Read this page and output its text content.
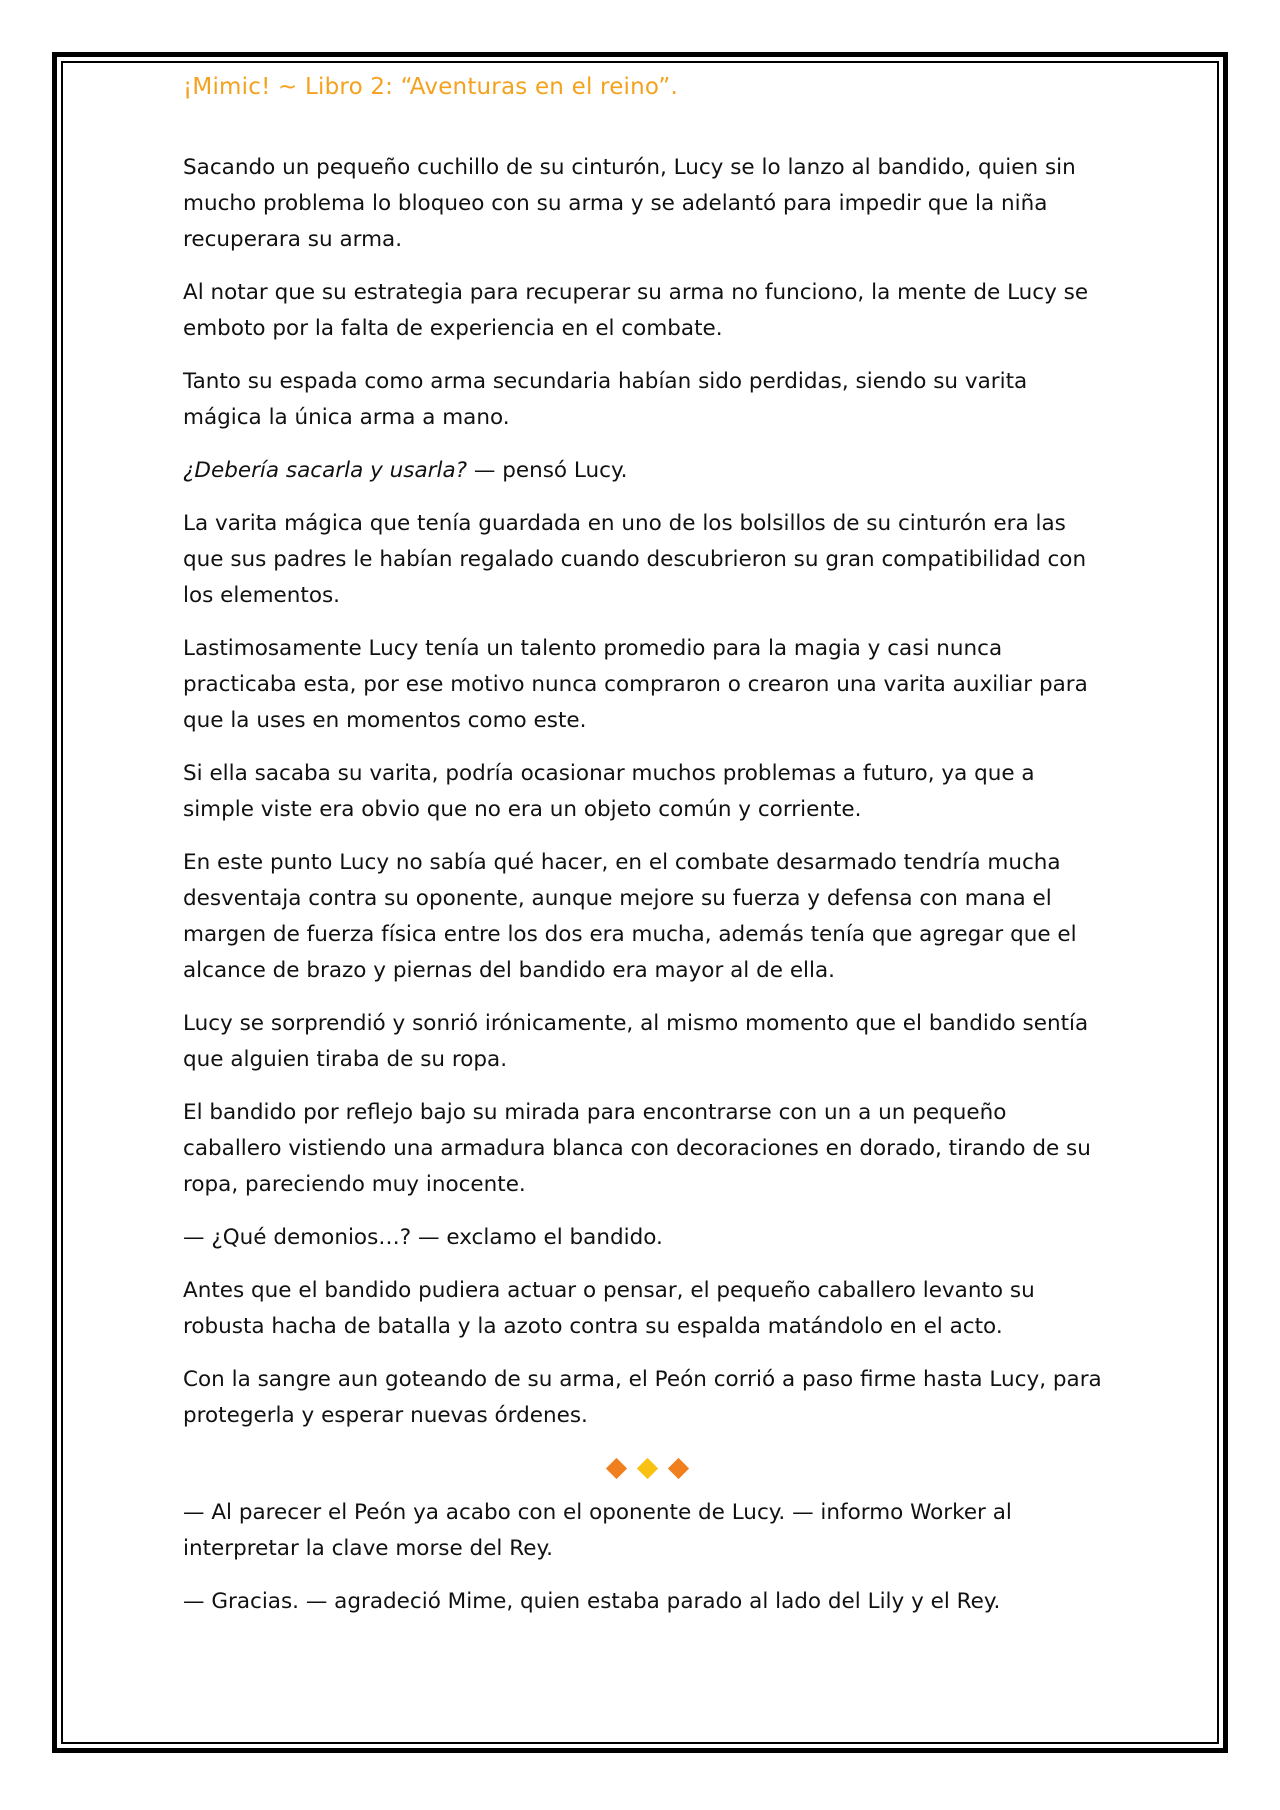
¡Mimic! ~ Libro 2: “Aventuras en el reino”.

Sacando un pequeño cuchillo de su cinturón, Lucy se lo lanzo al bandido, quien sin mucho problema lo bloqueo con su arma y se adelantó para impedir que la niña recuperara su arma.

Al notar que su estrategia para recuperar su arma no funciono, la mente de Lucy se emboto por la falta de experiencia en el combate.

Tanto su espada como arma secundaria habían sido perdidas, siendo su varita mágica la única arma a mano.

¿Debería sacarla y usarla? — pensó Lucy.

La varita mágica que tenía guardada en uno de los bolsillos de su cinturón era las que sus padres le habían regalado cuando descubrieron su gran compatibilidad con los elementos.

Lastimosamente Lucy tenía un talento promedio para la magia y casi nunca practicaba esta, por ese motivo nunca compraron o crearon una varita auxiliar para que la uses en momentos como este.

Si ella sacaba su varita, podría ocasionar muchos problemas a futuro, ya que a simple viste era obvio que no era un objeto común y corriente.

En este punto Lucy no sabía qué hacer, en el combate desarmado tendría mucha desventaja contra su oponente, aunque mejore su fuerza y defensa con mana el margen de fuerza física entre los dos era mucha, además tenía que agregar que el alcance de brazo y piernas del bandido era mayor al de ella.

Lucy se sorprendió y sonrió irónicamente, al mismo momento que el bandido sentía que alguien tiraba de su ropa.

El bandido por reflejo bajo su mirada para encontrarse con un a un pequeño caballero vistiendo una armadura blanca con decoraciones en dorado, tirando de su ropa, pareciendo muy inocente.

— ¿Qué demonios…? — exclamo el bandido.

Antes que el bandido pudiera actuar o pensar, el pequeño caballero levanto su robusta hacha de batalla y la azoto contra su espalda matándolo en el acto.

Con la sangre aun goteando de su arma, el Peón corrió a paso firme hasta Lucy, para protegerla y esperar nuevas órdenes.

— Al parecer el Peón ya acabo con el oponente de Lucy. — informo Worker al interpretar la clave morse del Rey.

— Gracias. — agradeció Mime, quien estaba parado al lado del Lily y el Rey.
